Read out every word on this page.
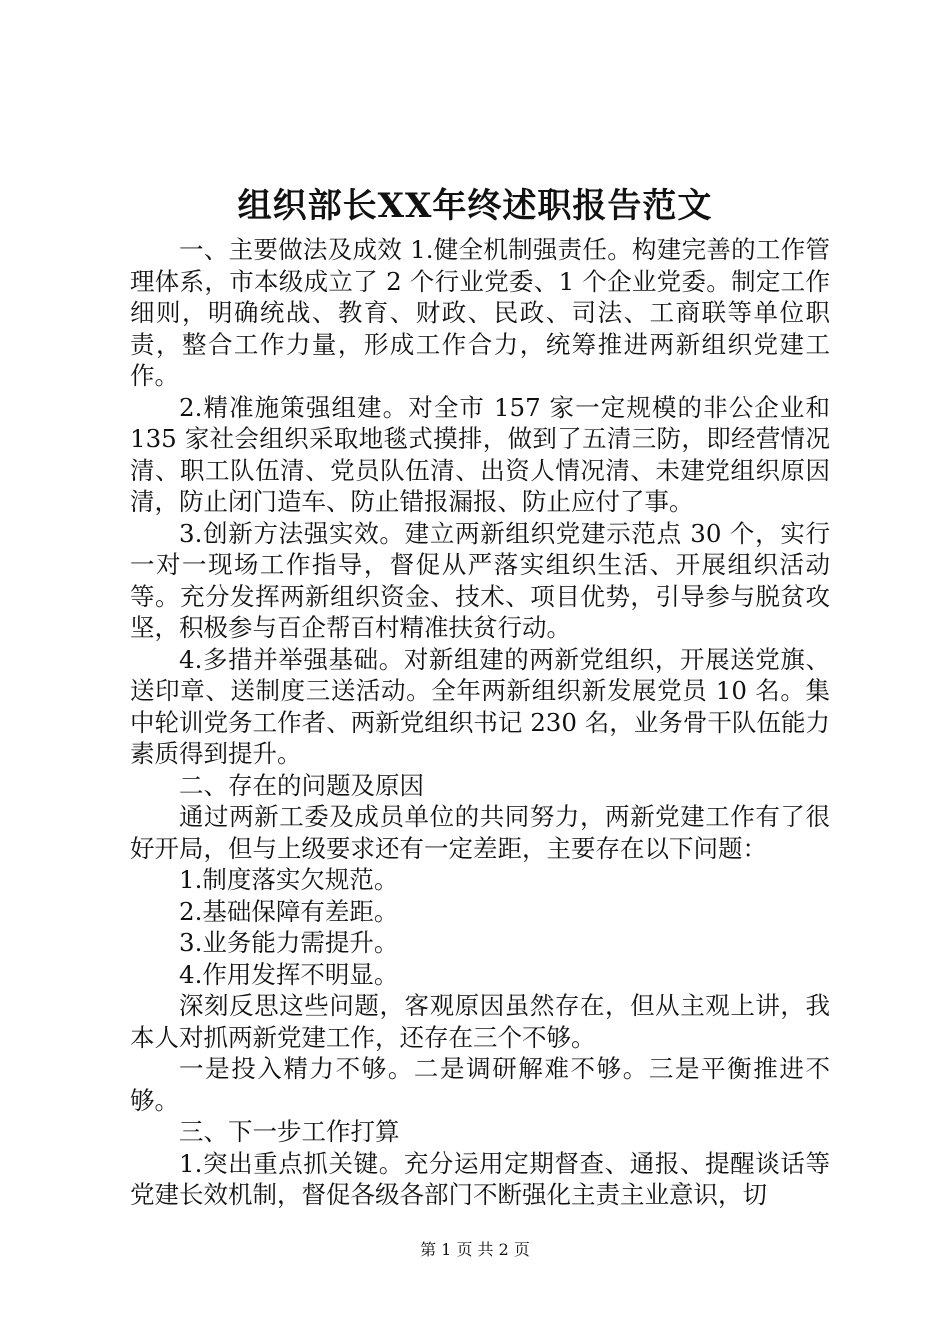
组织部长XX年终述职报告范文

一、主要做法及成效 1.健全机制强责任。构建完善的工作管理体系，市本级成立了 2 个行业党委、1 个企业党委。制定工作细则，明确统战、教育、财政、民政、司法、工商联等单位职责，整合工作力量，形成工作合力，统筹推进两新组织党建工作。

2.精准施策强组建。对全市 157 家一定规模的非公企业和 135 家社会组织采取地毯式摸排，做到了五清三防，即经营情况清、职工队伍清、党员队伍清、出资人情况清、未建党组织原因清，防止闭门造车、防止错报漏报、防止应付了事。

3.创新方法强实效。建立两新组织党建示范点 30 个，实行一对一现场工作指导，督促从严落实组织生活、开展组织活动等。充分发挥两新组织资金、技术、项目优势，引导参与脱贫攻坚，积极参与百企帮百村精准扶贫行动。

4.多措并举强基础。对新组建的两新党组织，开展送党旗、送印章、送制度三送活动。全年两新组织新发展党员 10 名。集中轮训党务工作者、两新党组织书记 230 名，业务骨干队伍能力素质得到提升。

二、存在的问题及原因

通过两新工委及成员单位的共同努力，两新党建工作有了很好开局，但与上级要求还有一定差距，主要存在以下问题：

1.制度落实欠规范。

2.基础保障有差距。

3.业务能力需提升。

4.作用发挥不明显。

深刻反思这些问题，客观原因虽然存在，但从主观上讲，我本人对抓两新党建工作，还存在三个不够。

一是投入精力不够。二是调研解难不够。三是平衡推进不够。

三、下一步工作打算

1.突出重点抓关键。充分运用定期督查、通报、提醒谈话等党建长效机制，督促各级各部门不断强化主责主业意识，切

第 1 页 共 2 页
